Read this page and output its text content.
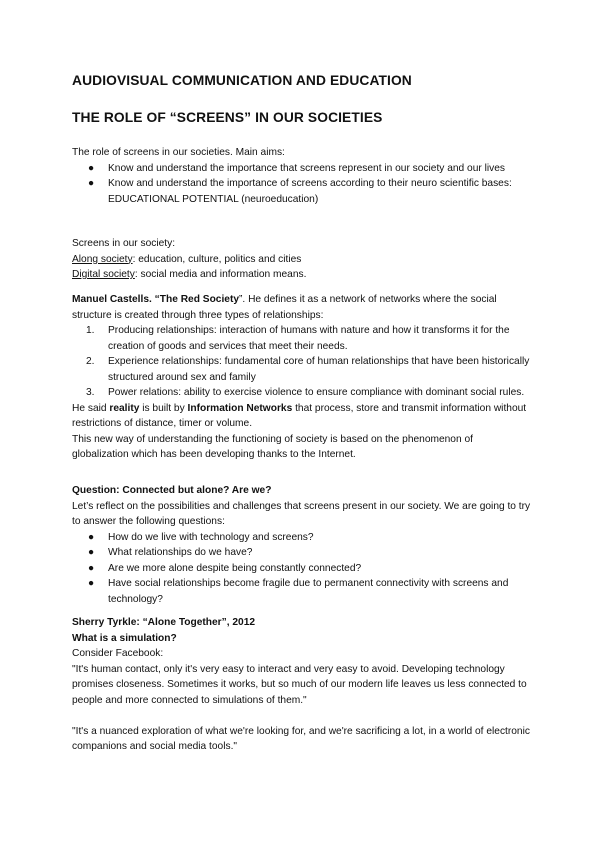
AUDIOVISUAL COMMUNICATION AND EDUCATION
THE ROLE OF “SCREENS” IN OUR SOCIETIES

The role of screens in our societies. Main aims:

● Know and understand the importance that screens represent in our society and our lives
● Know and understand the importance of screens according to their neuro scientific bases: EDUCATIONAL POTENTIAL (neuroeducation)

Screens in our society:

Along society: education, culture, politics and cities

Digital society: social media and information means.

Manuel Castells. “The Red Society”. He defines it as a network of networks where the social structure is created through three types of relationships:

1. Producing relationships: interaction of humans with nature and how it transforms it for the creation of goods and services that meet their needs.
2. Experience relationships: fundamental core of human relationships that have been historically structured around sex and family
3. Power relations: ability to exercise violence to ensure compliance with dominant social rules.

He said reality is built by Information Networks that process, store and transmit information without restrictions of distance, timer or volume.

This new way of understanding the functioning of society is based on the phenomenon of globalization which has been developing thanks to the Internet.

Question: Connected but alone? Are we?

Let’s reflect on the possibilities and challenges that screens present in our society. We are going to try to answer the following questions:

● How do we live with technology and screens?
● What relationships do we have?
● Are we more alone despite being constantly connected?
● Have social relationships become fragile due to permanent connectivity with screens and technology?

Sherry Tyrkle: “Alone Together”, 2012

What is a simulation?

Consider Facebook:

"It's human contact, only it's very easy to interact and very easy to avoid. Developing technology promises closeness. Sometimes it works, but so much of our modern life leaves us less connected to people and more connected to simulations of them."

"It's a nuanced exploration of what we're looking for, and we're sacrificing a lot, in a world of electronic companions and social media tools."
